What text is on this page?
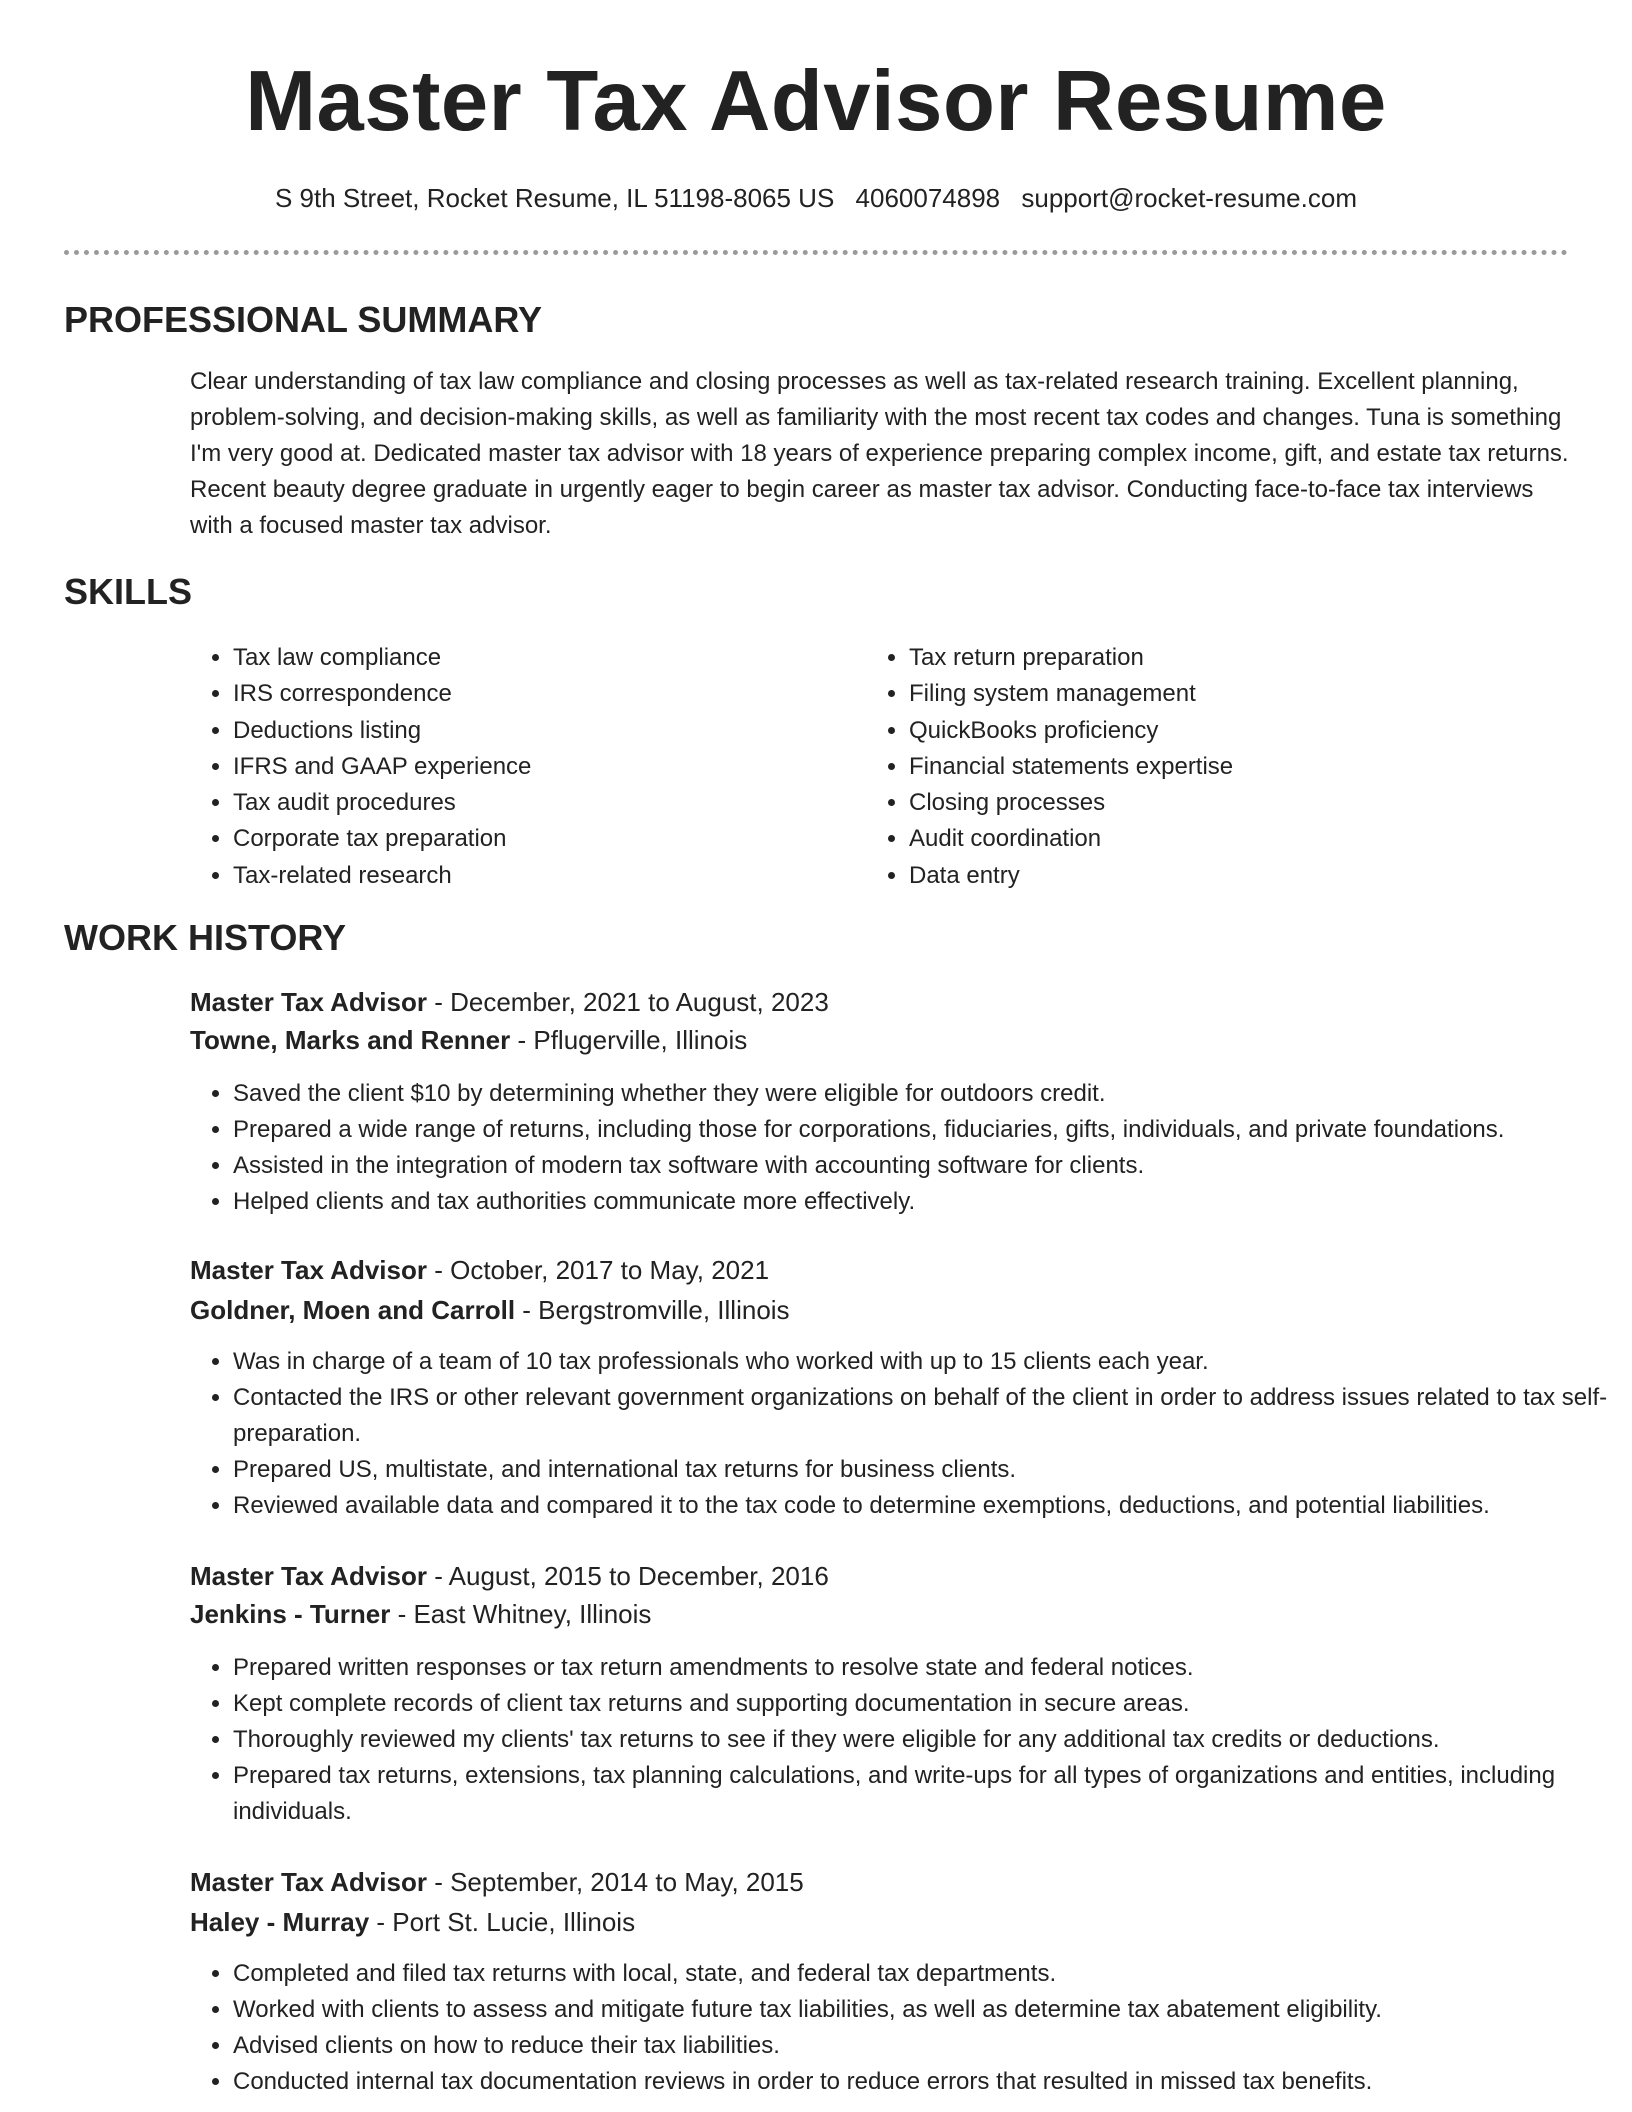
Master Tax Advisor Resume
S 9th Street, Rocket Resume, IL 51198-8065 US 4060074898 support@rocket-resume.com
PROFESSIONAL SUMMARY

Clear understanding of tax law compliance and closing processes as well as tax-related research training. Excellent planning, problem-solving, and decision-making skills, as well as familiarity with the most recent tax codes and changes. Tuna is something I'm very good at. Dedicated master tax advisor with 18 years of experience preparing complex income, gift, and estate tax returns. Recent beauty degree graduate in urgently eager to begin career as master tax advisor. Conducting face-to-face tax interviews with a focused master tax advisor.

SKILLS
• Tax law compliance
• IRS correspondence
• Deductions listing
• IFRS and GAAP experience
• Tax audit procedures
• Corporate tax preparation
• Tax-related research
• Tax return preparation
• Filing system management
• QuickBooks proficiency
• Financial statements expertise
• Closing processes
• Audit coordination
• Data entry
WORK HISTORY
Master Tax Advisor - December, 2021 to August, 2023
Towne, Marks and Renner - Pflugerville, Illinois
• Saved the client $10 by determining whether they were eligible for outdoors credit.
• Prepared a wide range of returns, including those for corporations, fiduciaries, gifts, individuals, and private foundations.
• Assisted in the integration of modern tax software with accounting software for clients.
• Helped clients and tax authorities communicate more effectively.
Master Tax Advisor - October, 2017 to May, 2021
Goldner, Moen and Carroll - Bergstromville, Illinois
• Was in charge of a team of 10 tax professionals who worked with up to 15 clients each year.
• Contacted the IRS or other relevant government organizations on behalf of the client in order to address issues related to tax self-preparation.
• Prepared US, multistate, and international tax returns for business clients.
• Reviewed available data and compared it to the tax code to determine exemptions, deductions, and potential liabilities.
Master Tax Advisor - August, 2015 to December, 2016
Jenkins - Turner - East Whitney, Illinois
• Prepared written responses or tax return amendments to resolve state and federal notices.
• Kept complete records of client tax returns and supporting documentation in secure areas.
• Thoroughly reviewed my clients' tax returns to see if they were eligible for any additional tax credits or deductions.
• Prepared tax returns, extensions, tax planning calculations, and write-ups for all types of organizations and entities, including individuals.
Master Tax Advisor - September, 2014 to May, 2015
Haley - Murray - Port St. Lucie, Illinois
• Completed and filed tax returns with local, state, and federal tax departments.
• Worked with clients to assess and mitigate future tax liabilities, as well as determine tax abatement eligibility.
• Advised clients on how to reduce their tax liabilities.
• Conducted internal tax documentation reviews in order to reduce errors that resulted in missed tax benefits.
